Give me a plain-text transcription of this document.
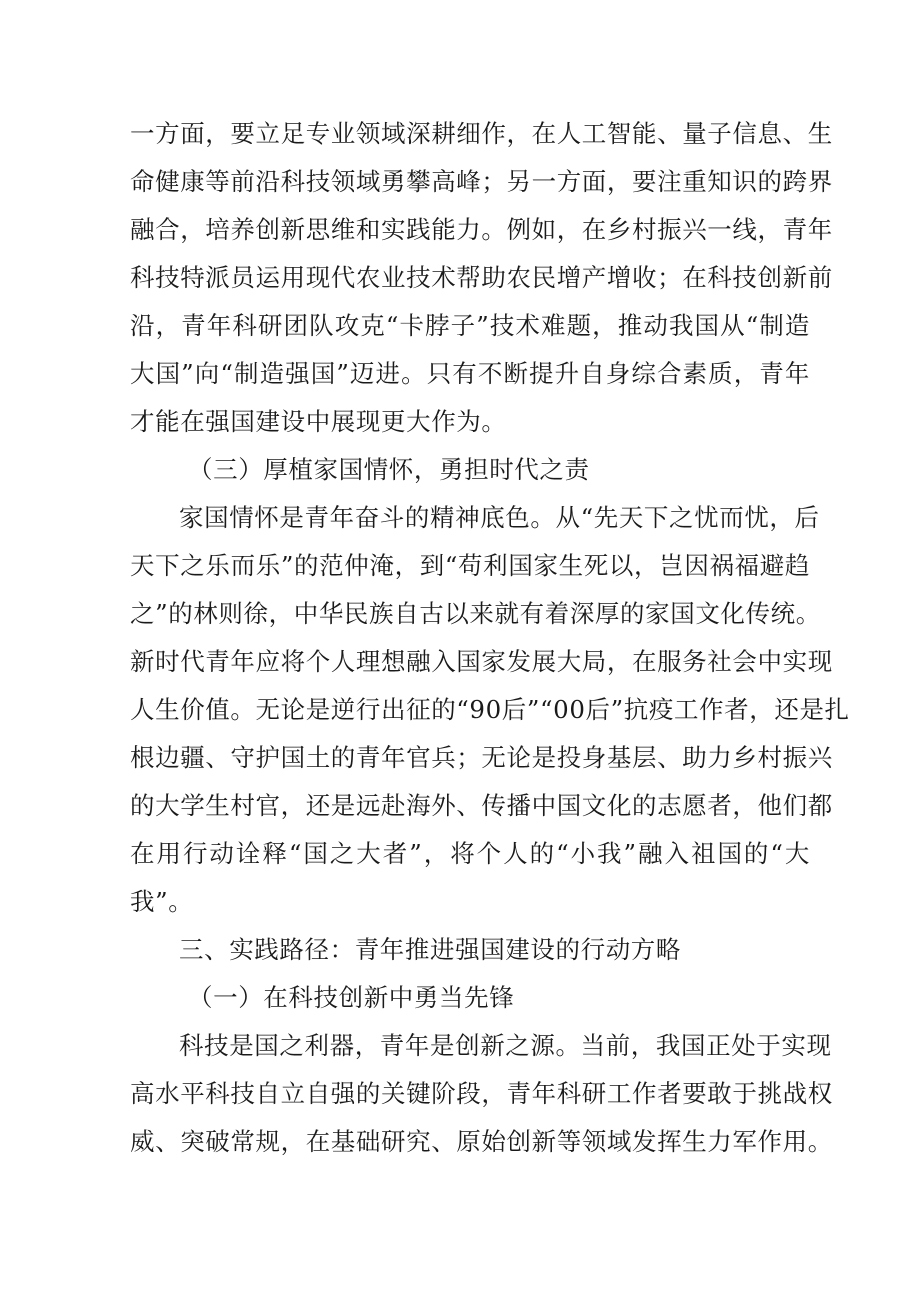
一方面，要立足专业领域深耕细作，在人工智能、量子信息、生
命健康等前沿科技领域勇攀高峰；另一方面，要注重知识的跨界
融合，培养创新思维和实践能力。例如，在乡村振兴一线，青年
科技特派员运用现代农业技术帮助农民增产增收；在科技创新前
沿，青年科研团队攻克“卡脖子”技术难题，推动我国从“制造
大国”向“制造强国”迈进。只有不断提升自身综合素质，青年
才能在强国建设中展现更大作为。
（三）厚植家国情怀，勇担时代之责
家国情怀是青年奋斗的精神底色。从“先天下之忧而忧，后
天下之乐而乐”的范仲淹，到“苟利国家生死以，岂因祸福避趋
之”的林则徐，中华民族自古以来就有着深厚的家国文化传统。
新时代青年应将个人理想融入国家发展大局，在服务社会中实现
人生价值。无论是逆行出征的“90后”“00后”抗疫工作者，还是扎
根边疆、守护国土的青年官兵；无论是投身基层、助力乡村振兴
的大学生村官，还是远赴海外、传播中国文化的志愿者，他们都
在用行动诠释“国之大者”，将个人的“小我”融入祖国的“大
我”。
三、实践路径：青年推进强国建设的行动方略
（一）在科技创新中勇当先锋
科技是国之利器，青年是创新之源。当前，我国正处于实现
高水平科技自立自强的关键阶段，青年科研工作者要敢于挑战权
威、突破常规，在基础研究、原始创新等领域发挥生力军作用。
